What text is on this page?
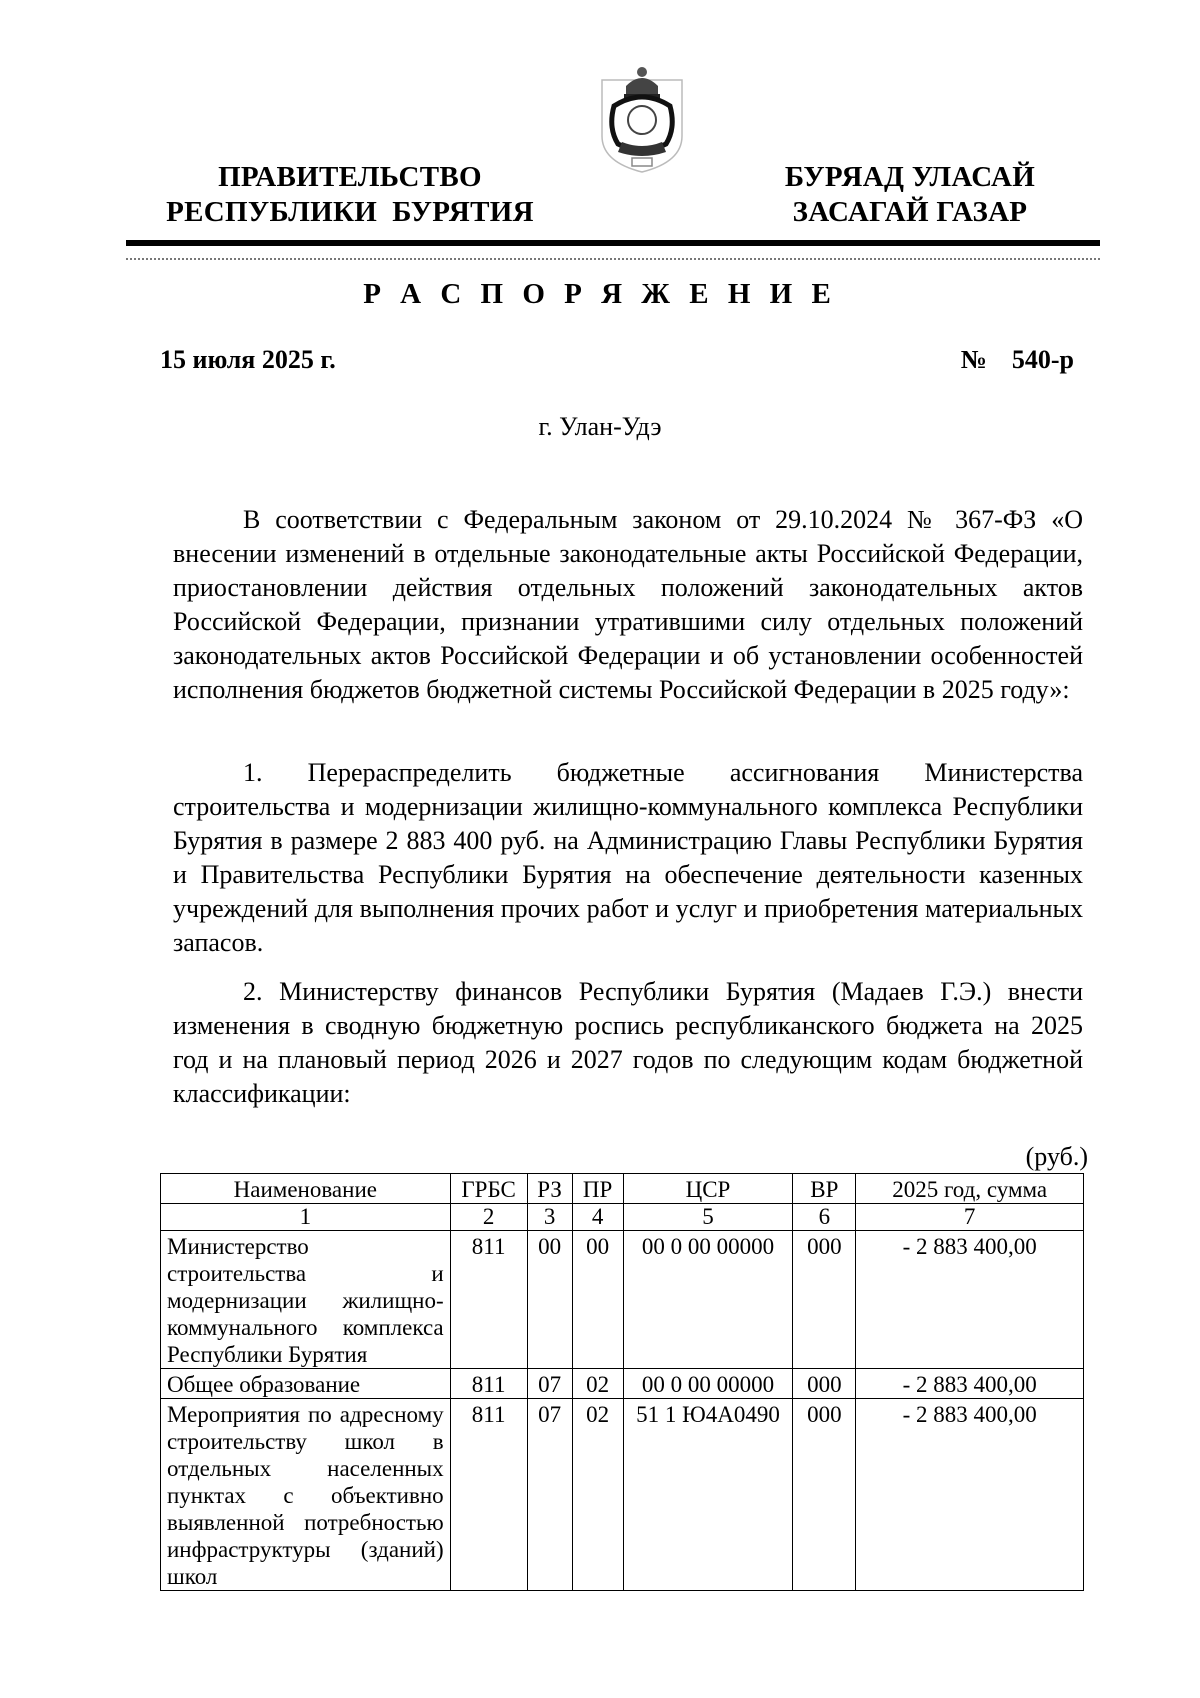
ПРАВИТЕЛЬСТВО
РЕСПУБЛИКИ  БУРЯТИЯ
БУРЯАД УЛАСАЙ
ЗАСАГАЙ ГАЗАР
Р А С П О Р Я Ж Е Н И Е
15 июля 2025 г.	№  540-р
г. Улан-Удэ

В соответствии с Федеральным законом от 29.10.2024 № 367-ФЗ «О внесении изменений в отдельные законодательные акты Российской Федерации, приостановлении действия отдельных положений законодательных актов Российской Федерации, признании утратившими силу отдельных положений законодательных актов Российской Федерации и об установлении особенностей исполнения бюджетов бюджетной системы Российской Федерации в 2025 году»:

1. Перераспределить бюджетные ассигнования Министерства строительства и модернизации жилищно-коммунального комплекса Республики Бурятия в размере 2 883 400 руб. на Администрацию Главы Республики Бурятия и Правительства Республики Бурятия на обеспечение деятельности казенных учреждений для выполнения прочих работ и услуг и приобретения материальных запасов.

2. Министерству финансов Республики Бурятия (Мадаев Г.Э.) внести изменения в сводную бюджетную роспись республиканского бюджета на 2025 год и на плановый период 2026 и 2027 годов по следующим кодам бюджетной классификации:

(руб.)
Наименование	ГРБС	РЗ	ПР	ЦСР	ВР	2025 год, сумма
1	2	3	4	5	6	7
Министерство строительства и модернизации жилищно-коммунального комплекса Республики Бурятия	811	00	00	00 0 00 00000	000	- 2 883 400,00
Общее образование	811	07	02	00 0 00 00000	000	- 2 883 400,00
Мероприятия по адресному строительству школ в отдельных населенных пунктах с объективно выявленной потребностью инфраструктуры (зданий) школ	811	07	02	51 1 Ю4А0490	000	- 2 883 400,00
